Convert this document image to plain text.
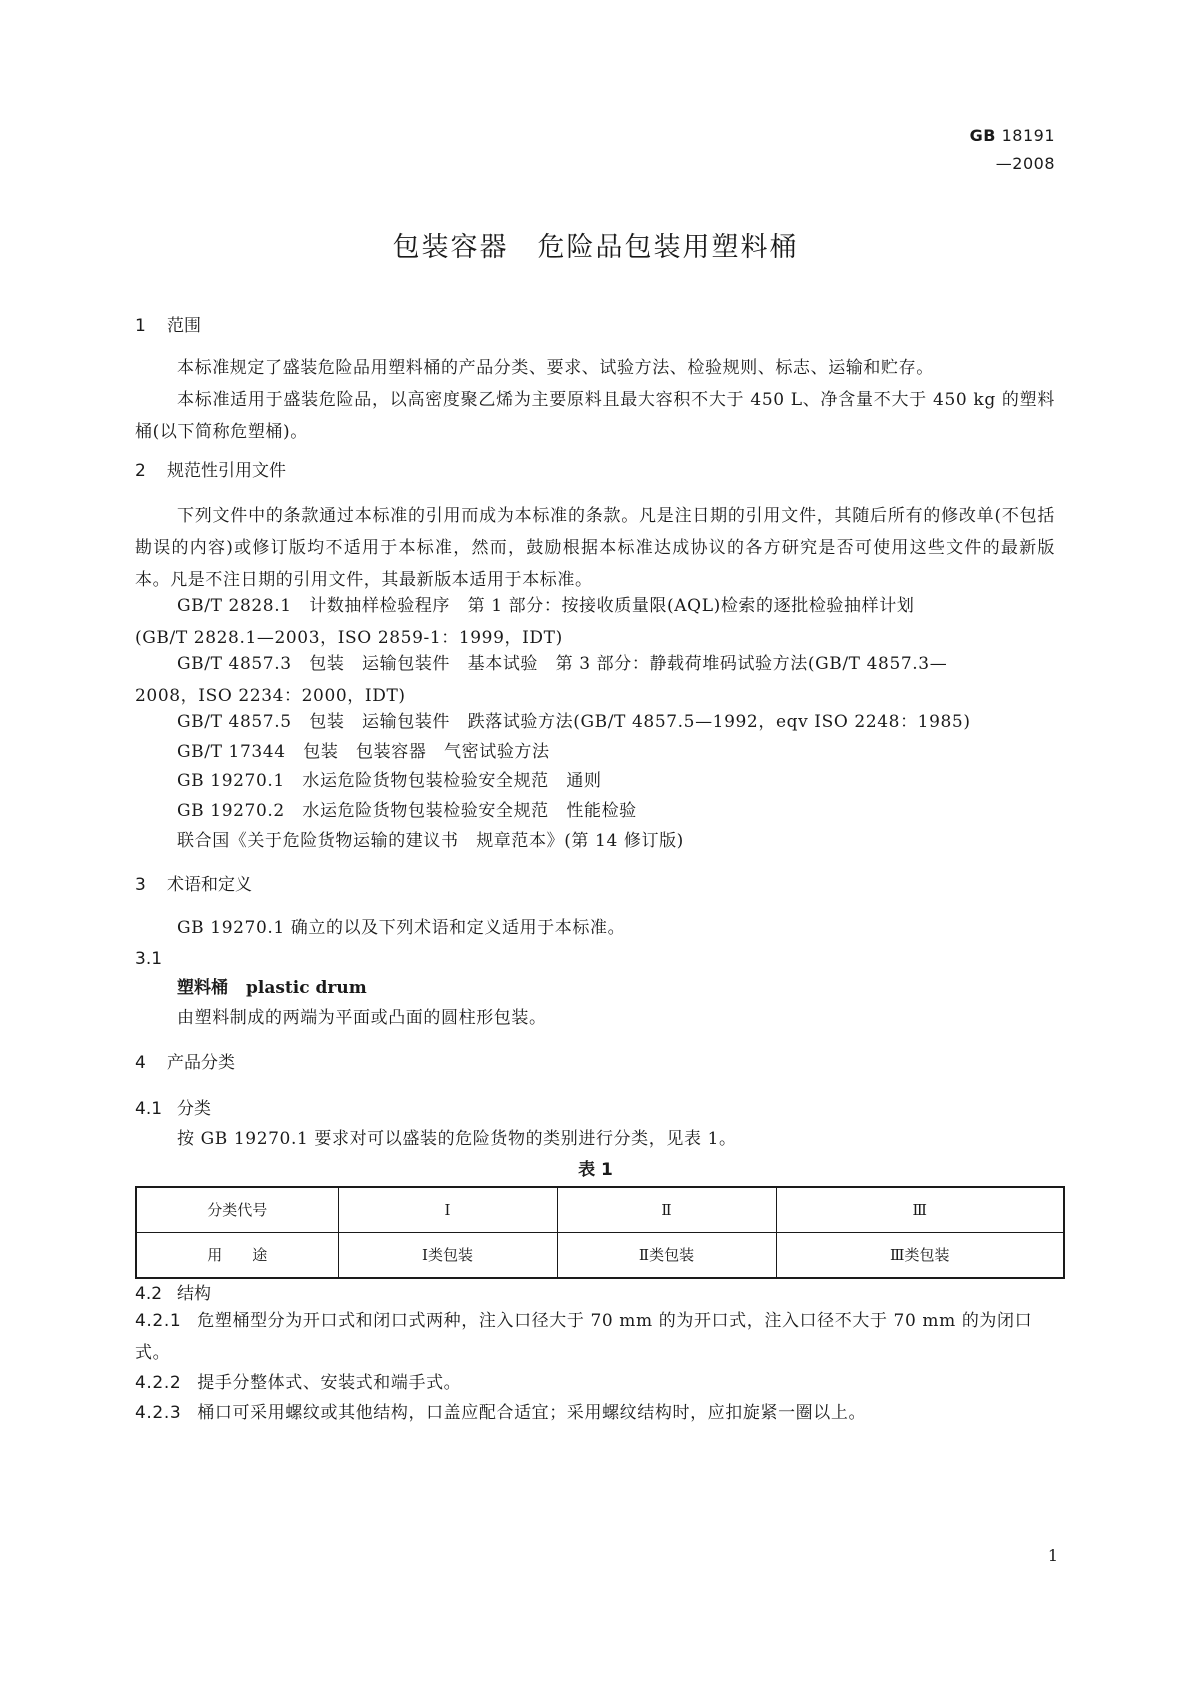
GB 18191—2008
包装容器　危险品包装用塑料桶
1 范围
本标准规定了盛装危险品用塑料桶的产品分类、要求、试验方法、检验规则、标志、运输和贮存。
本标准适用于盛装危险品，以高密度聚乙烯为主要原料且最大容积不大于 450 L、净含量不大于 450 kg 的塑料桶(以下简称危塑桶)。
2 规范性引用文件
下列文件中的条款通过本标准的引用而成为本标准的条款。凡是注日期的引用文件，其随后所有的修改单(不包括勘误的内容)或修订版均不适用于本标准，然而，鼓励根据本标准达成协议的各方研究是否可使用这些文件的最新版本。凡是不注日期的引用文件，其最新版本适用于本标准。
GB/T 2828.1　计数抽样检验程序　第 1 部分：按接收质量限(AQL)检索的逐批检验抽样计划
(GB/T 2828.1—2003，ISO 2859-1：1999，IDT)
GB/T 4857.3　包装　运输包装件　基本试验　第 3 部分：静载荷堆码试验方法(GB/T 4857.3—
2008，ISO 2234：2000，IDT)
GB/T 4857.5　包装　运输包装件　跌落试验方法(GB/T 4857.5—1992，eqv ISO 2248：1985)
GB/T 17344　包装　包装容器　气密试验方法
GB 19270.1　水运危险货物包装检验安全规范　通则
GB 19270.2　水运危险货物包装检验安全规范　性能检验
联合国《关于危险货物运输的建议书　规章范本》(第 14 修订版)
3 术语和定义
GB 19270.1 确立的以及下列术语和定义适用于本标准。
3.1
塑料桶 plastic drum
由塑料制成的两端为平面或凸面的圆柱形包装。
4 产品分类
4.1 分类
按 GB 19270.1 要求对可以盛装的危险货物的类别进行分类，见表 1。
表 1
分类代号	Ⅰ	Ⅱ	Ⅲ
用　　途	Ⅰ类包装	Ⅱ类包装	Ⅲ类包装
4.2 结构
4.2.1 危塑桶型分为开口式和闭口式两种，注入口径大于 70 mm 的为开口式，注入口径不大于 70 mm 的为闭口式。
4.2.2 提手分整体式、安装式和端手式。
4.2.3 桶口可采用螺纹或其他结构，口盖应配合适宜；采用螺纹结构时，应扣旋紧一圈以上。
1
